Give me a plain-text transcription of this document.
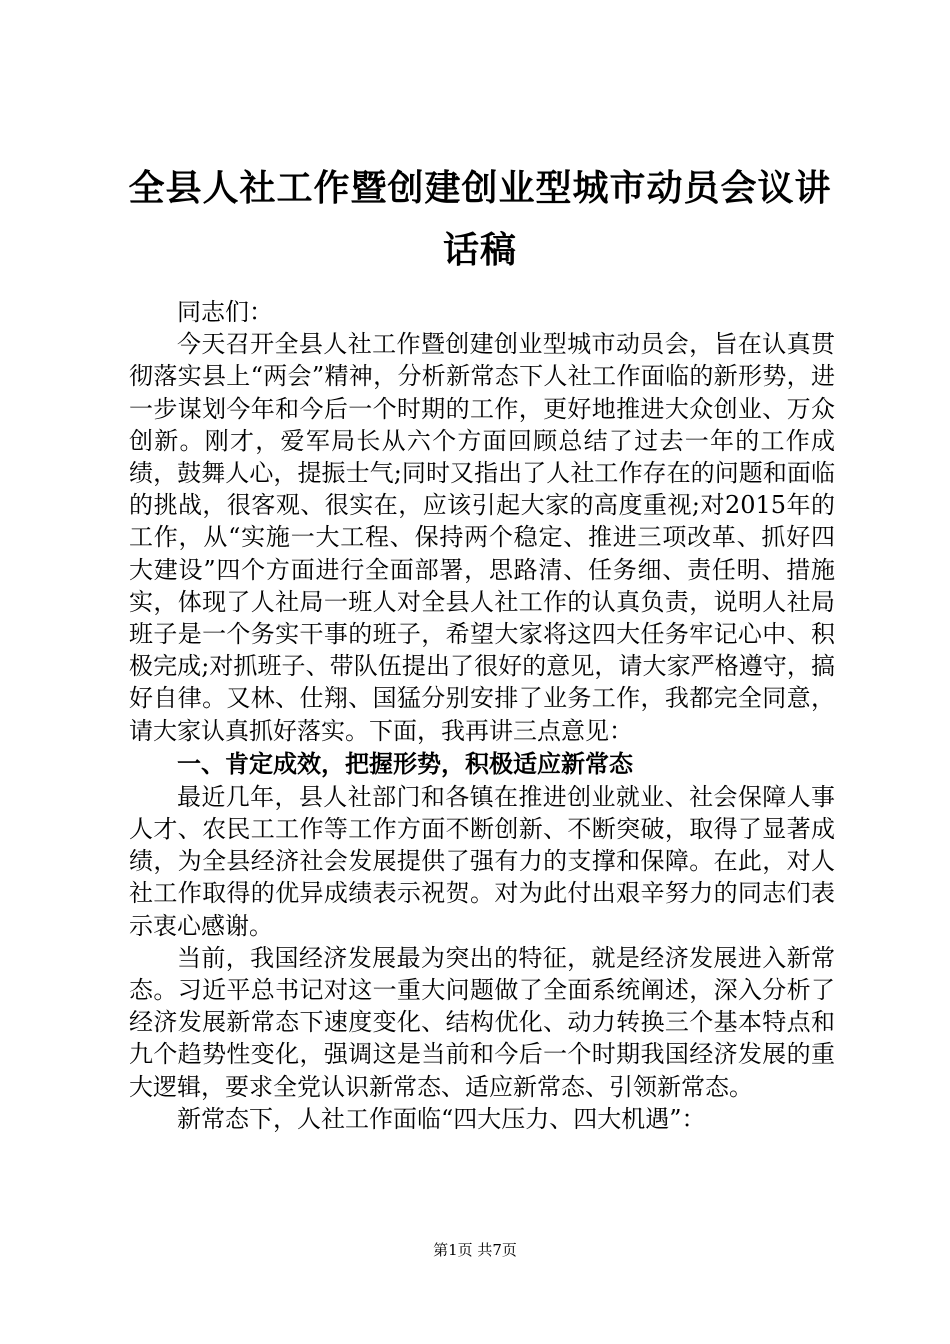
全县人社工作暨创建创业型城市动员会议讲话稿

同志们：

今天召开全县人社工作暨创建创业型城市动员会，旨在认真贯彻落实县上“两会”精神，分析新常态下人社工作面临的新形势，进一步谋划今年和今后一个时期的工作，更好地推进大众创业、万众创新。刚才，爱军局长从六个方面回顾总结了过去一年的工作成绩，鼓舞人心，提振士气;同时又指出了人社工作存在的问题和面临的挑战，很客观、很实在，应该引起大家的高度重视;对2015年的工作，从“实施一大工程、保持两个稳定、推进三项改革、抓好四大建设”四个方面进行全面部署，思路清、任务细、责任明、措施实，体现了人社局一班人对全县人社工作的认真负责，说明人社局班子是一个务实干事的班子，希望大家将这四大任务牢记心中、积极完成;对抓班子、带队伍提出了很好的意见，请大家严格遵守，搞好自律。又林、仕翔、国猛分别安排了业务工作，我都完全同意，请大家认真抓好落实。下面，我再讲三点意见：

一、肯定成效，把握形势，积极适应新常态

最近几年，县人社部门和各镇在推进创业就业、社会保障人事人才、农民工工作等工作方面不断创新、不断突破，取得了显著成绩，为全县经济社会发展提供了强有力的支撑和保障。在此，对人社工作取得的优异成绩表示祝贺。对为此付出艰辛努力的同志们表示衷心感谢。

当前，我国经济发展最为突出的特征，就是经济发展进入新常态。习近平总书记对这一重大问题做了全面系统阐述，深入分析了经济发展新常态下速度变化、结构优化、动力转换三个基本特点和九个趋势性变化，强调这是当前和今后一个时期我国经济发展的重大逻辑，要求全党认识新常态、适应新常态、引领新常态。

新常态下，人社工作面临“四大压力、四大机遇”：

第1页 共7页
